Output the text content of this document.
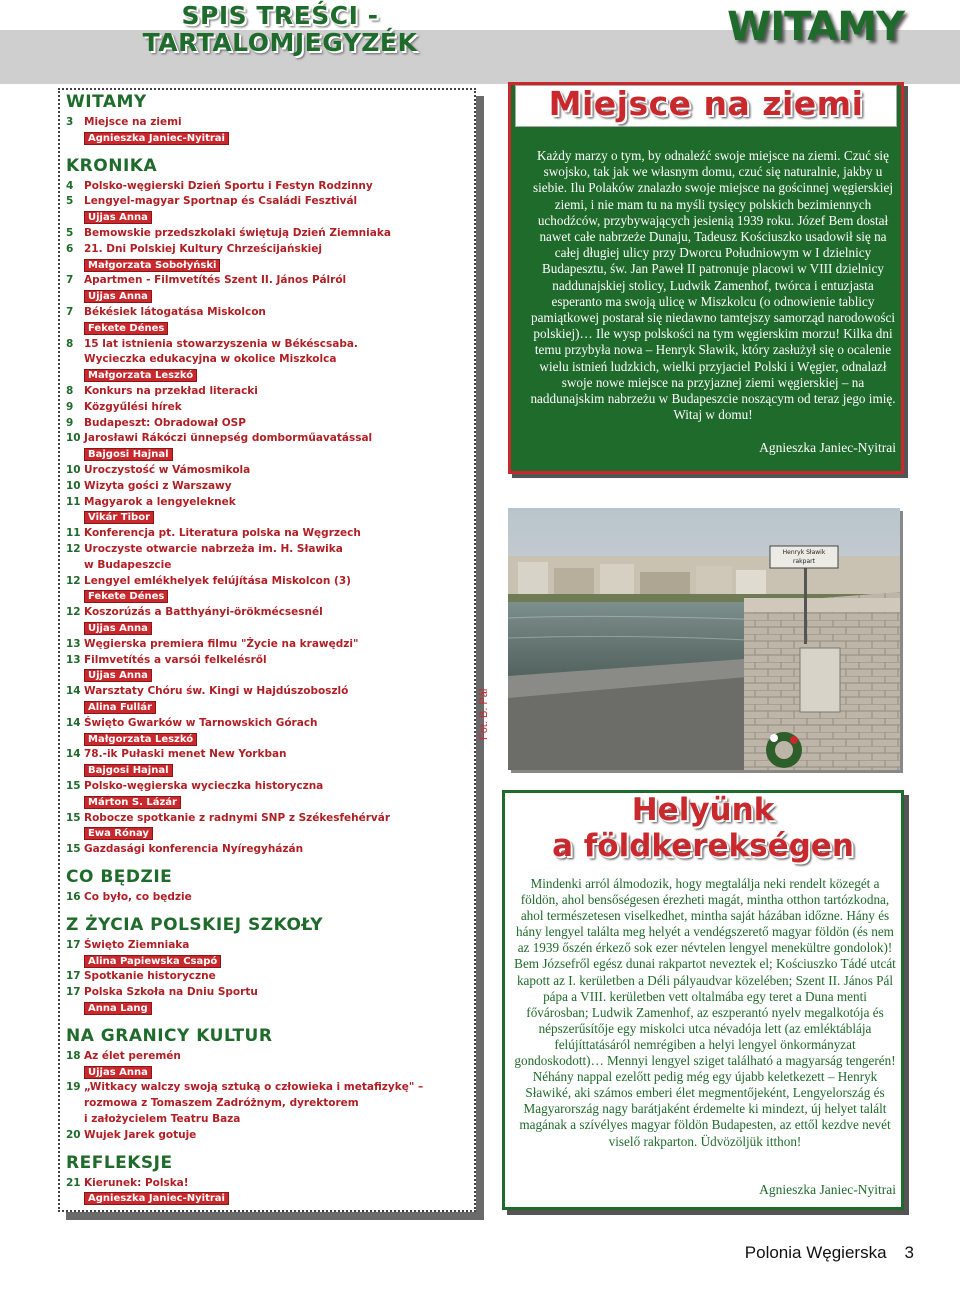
SPIS TREŚCI -
TARTALOMJEGYZÉK	WITAMY
WITAMY
3 Miejsce na ziemi
Agnieszka Janiec-Nyitrai
KRONIKA
4 Polsko-węgierski Dzień Sportu i Festyn Rodzinny
5 Lengyel-magyar Sportnap és Családi Fesztivál
Ujjas Anna
5 Bemowskie przedszkolaki świętują Dzień Ziemniaka
6 21. Dni Polskiej Kultury Chrześcijańskiej
Małgorzata Sobołyński
7 Apartmen - Filmvetítés Szent II. János Pálról
Ujjas Anna
7 Békésiek látogatása Miskolcon
Fekete Dénes
8 15 lat istnienia stowarzyszenia w Békéscsaba.
Wycieczka edukacyjna w okolice Miszkolca
Małgorzata Leszkó
8 Konkurs na przekład literacki
9 Közgyűlési hírek
9 Budapeszt: Obradował OSP
10 Jarosławi Rákóczi ünnepség domborműavatással
Bajgosi Hajnal
10 Uroczystość w Vámosmikola
10 Wizyta gości z Warszawy
11 Magyarok a lengyeleknek
Vikár Tibor
11 Konferencja pt. Literatura polska na Węgrzech
12 Uroczyste otwarcie nabrzeża im. H. Sławika
w Budapeszcie
12 Lengyel emlékhelyek felújítása Miskolcon (3)
Fekete Dénes
12 Koszorúzás a Batthyányi-örökmécsesnél
Ujjas Anna
13 Węgierska premiera filmu "Życie na krawędzi"
13 Filmvetítés a varsói felkelésről
Ujjas Anna
14 Warsztaty Chóru św. Kingi w Hajdúszoboszló
Alina Fullár
14 Święto Gwarków w Tarnowskich Górach
Małgorzata Leszkó
14 78.-ik Pułaski menet New Yorkban
Bajgosi Hajnal
15 Polsko-węgierska wycieczka historyczna
Márton S. Lázár
15 Robocze spotkanie z radnymi SNP z Székesfehérvár
Ewa Rónay
15 Gazdasági konferencia Nyíregyházán
CO BĘDZIE
16 Co było, co będzie
Z ŻYCIA POLSKIEJ SZKOŁY
17 Święto Ziemniaka
Alina Papiewska Csapó
17 Spotkanie historyczne
17 Polska Szkoła na Dniu Sportu
Anna Lang
NA GRANICY KULTUR
18 Az élet peremén
Ujjas Anna
19 „Witkacy walczy swoją sztuką o człowieka i metafizykę" –
rozmowa z Tomaszem Zadróżnym, dyrektorem
i założycielem Teatru Baza
20 Wujek Jarek gotuje
REFLEKSJE
21 Kierunek: Polska!
Agnieszka Janiec-Nyitrai
Miejsce na ziemi
Każdy marzy o tym, by odnaleźć swoje miejsce na ziemi. Czuć się swojsko, tak jak we własnym domu, czuć się naturalnie, jakby u siebie. Ilu Polaków znalazło swoje miejsce na gościnnej węgierskiej ziemi, i nie mam tu na myśli tysięcy polskich bezimiennych uchodźców, przybywających jesienią 1939 roku. Józef Bem dostał nawet całe nabrzeże Dunaju, Tadeusz Kościuszko usadowił się na całej długiej ulicy przy Dworcu Południowym w I dzielnicy Budapesztu, św. Jan Paweł II patronuje placowi w VIII dzielnicy naddunajskiej stolicy, Ludwik Zamenhof, twórca i entuzjasta esperanto ma swoją ulicę w Miszkolcu (o odnowienie tablicy pamiątkowej postarał się niedawno tamtejszy samorząd narodowości polskiej)… Ile wysp polskości na tym węgierskim morzu! Kilka dni temu przybyła nowa – Henryk Sławik, który zasłużył się o ocalenie wielu istnień ludzkich, wielki przyjaciel Polski i Węgier, odnalazł swoje nowe miejsce na przyjaznej ziemi węgierskiej – na naddunajskim nabrzeżu w Budapeszcie noszącym od teraz jego imię. Witaj w domu!
Agnieszka Janiec-Nyitrai
Fot. B. Pál
Henryk Sławik rakpart
Helyünk
a földkerekségen
Mindenki arról álmodozik, hogy megtalálja neki rendelt közegét a földön, ahol bensőségesen érezheti magát, mintha otthon tartózkodna, ahol természetesen viselkedhet, mintha saját házában időzne. Hány és hány lengyel találta meg helyét a vendégszerető magyar földön (és nem az 1939 őszén érkező sok ezer névtelen lengyel menekültre gondolok)! Bem Józsefről egész dunai rakpartot neveztek el; Kościuszko Tádé utcát kapott az I. kerületben a Déli pályaudvar közelében; Szent II. János Pál pápa a VIII. kerületben vett oltalmába egy teret a Duna menti fővárosban; Ludwik Zamenhof, az eszperantó nyelv megalkotója és népszerűsítője egy miskolci utca névadója lett (az emléktáblája felújíttatásáról nemrégiben a helyi lengyel önkormányzat gondoskodott)… Mennyi lengyel sziget található a magyarság tengerén! Néhány nappal ezelőtt pedig még egy újabb keletkezett – Henryk Sławiké, aki számos emberi élet megmentőjeként, Lengyelország és Magyarország nagy barátjaként érdemelte ki mindezt, új helyet talált magának a szívélyes magyar földön Budapesten, az ettől kezdve nevét viselő rakparton. Üdvözöljük itthon!
Agnieszka Janiec-Nyitrai
Polonia Węgierska 3
